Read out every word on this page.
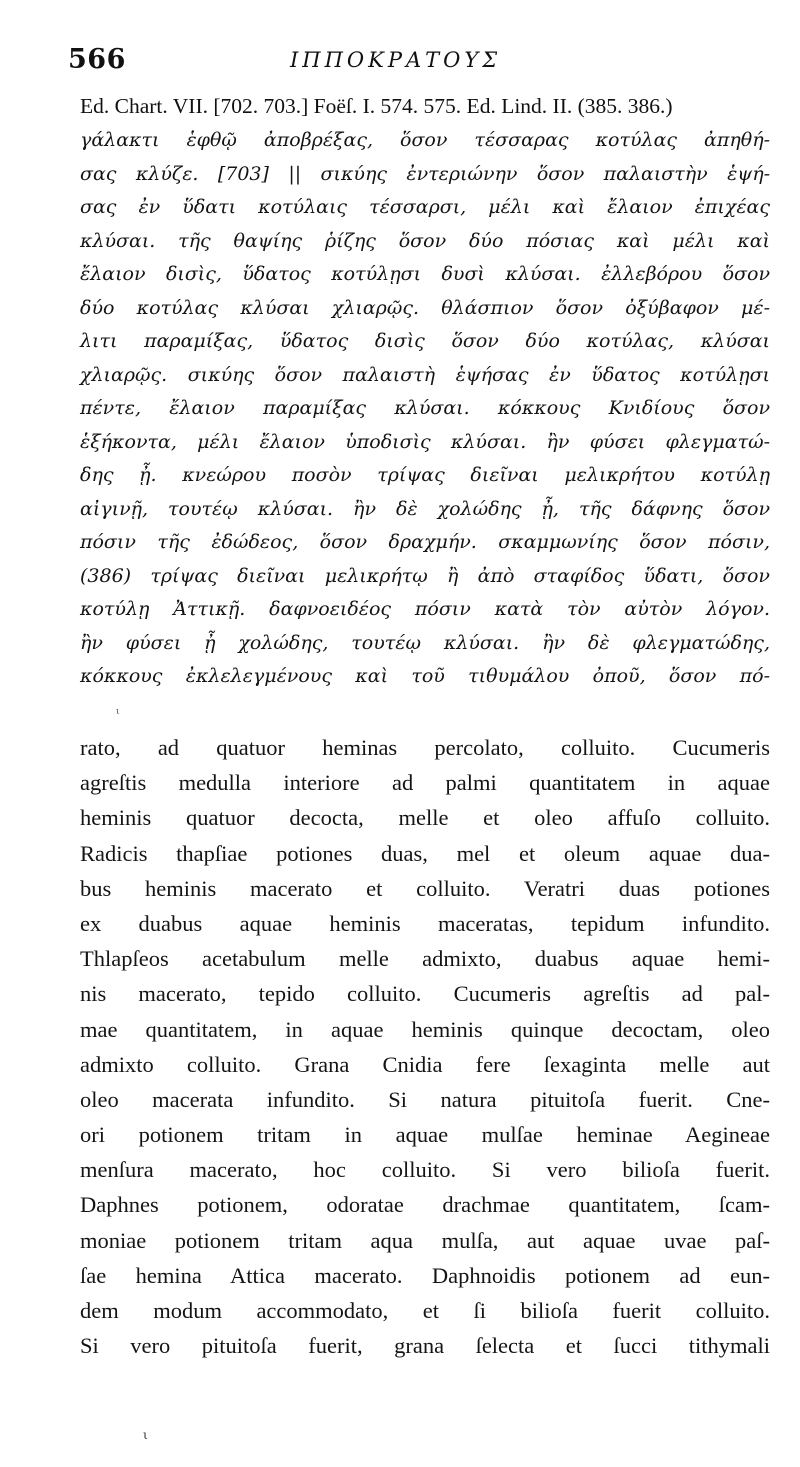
566	ΙΠΠΟΚΡΑΤΟΥΣ
Ed. Chart. VII. [702. 703.] Foëſ. I. 574. 575. Ed. Lind. II. (385. 386.)
γάλακτι ἑφθῷ ἀποβρέξας, ὅσον τέσσαρας κοτύλας ἀπηθή-
σας κλύζε. [703] || σικύης ἐντεριώνην ὅσον παλαιστὴν ἑψή-
σας ἐν ὕδατι κοτύλαις τέσσαρσι, μέλι καὶ ἔλαιον ἐπιχέας
κλύσαι. τῆς θαψίης ῥίζης ὅσον δύο πόσιας καὶ μέλι καὶ
ἔλαιον δισὶς, ὕδατος κοτύλῃσι δυσὶ κλύσαι. ἐλλεβόρου ὅσον
δύο κοτύλας κλύσαι χλιαρῷς. θλάσπιον ὅσον ὀξύβαφον μέ-
λιτι παραμίξας, ὕδατος δισὶς ὅσον δύο κοτύλας, κλύσαι
χλιαρῷς. σικύης ὅσον παλαιστὴ ἑψήσας ἐν ὕδατος κοτύλῃσι
πέντε, ἔλαιον παραμίξας κλύσαι. κόκκους Κνιδίους ὅσον
ἑξήκοντα, μέλι ἔλαιον ὑποδισὶς κλύσαι. ἢν φύσει φλεγματώ-
δης ᾖ. κνεώρου ποσὸν τρίψας διεῖναι μελικρήτου κοτύλῃ
αἰγινῇ, τουτέῳ κλύσαι. ἢν δὲ χολώδης ᾖ, τῆς δάφνης ὅσον
πόσιν τῆς ἐδώδεος, ὅσον δραχμήν. σκαμμωνίης ὅσον πόσιν,
(386) τρίψας διεῖναι μελικρήτῳ ἢ ἀπὸ σταφίδος ὕδατι, ὅσον
κοτύλῃ Ἀττικῇ. δαφνοειδέος πόσιν κατὰ τὸν αὐτὸν λόγον.
ἢν φύσει ᾖ χολώδης, τουτέῳ κλύσαι. ἢν δὲ φλεγματώδης,
κόκκους ἐκλελεγμένους καὶ τοῦ τιθυμάλου ὀποῦ, ὅσον πό-
ι
rato, ad quatuor heminas percolato, colluito. Cucumeris
agreſtis medulla interiore ad palmi quantitatem in aquae
heminis quatuor decocta, melle et oleo affuſo colluito.
Radicis thapſiae potiones duas, mel et oleum aquae dua-
bus heminis macerato et colluito. Veratri duas potiones
ex duabus aquae heminis maceratas, tepidum infundito.
Thlapſeos acetabulum melle admixto, duabus aquae hemi-
nis macerato, tepido colluito. Cucumeris agreſtis ad pal-
mae quantitatem, in aquae heminis quinque decoctam, oleo
admixto colluito. Grana Cnidia fere ſexaginta melle aut
oleo macerata infundito. Si natura pituitoſa fuerit. Cne-
ori potionem tritam in aquae mulſae heminae Aegineae
menſura macerato, hoc colluito. Si vero bilioſa fuerit.
Daphnes potionem, odoratae drachmae quantitatem, ſcam-
moniae potionem tritam aqua mulſa, aut aquae uvae paſ-
ſae hemina Attica macerato. Daphnoidis potionem ad eun-
dem modum accommodato, et ſi bilioſa fuerit colluito.
Si vero pituitoſa fuerit, grana ſelecta et ſucci tithymali
ι
